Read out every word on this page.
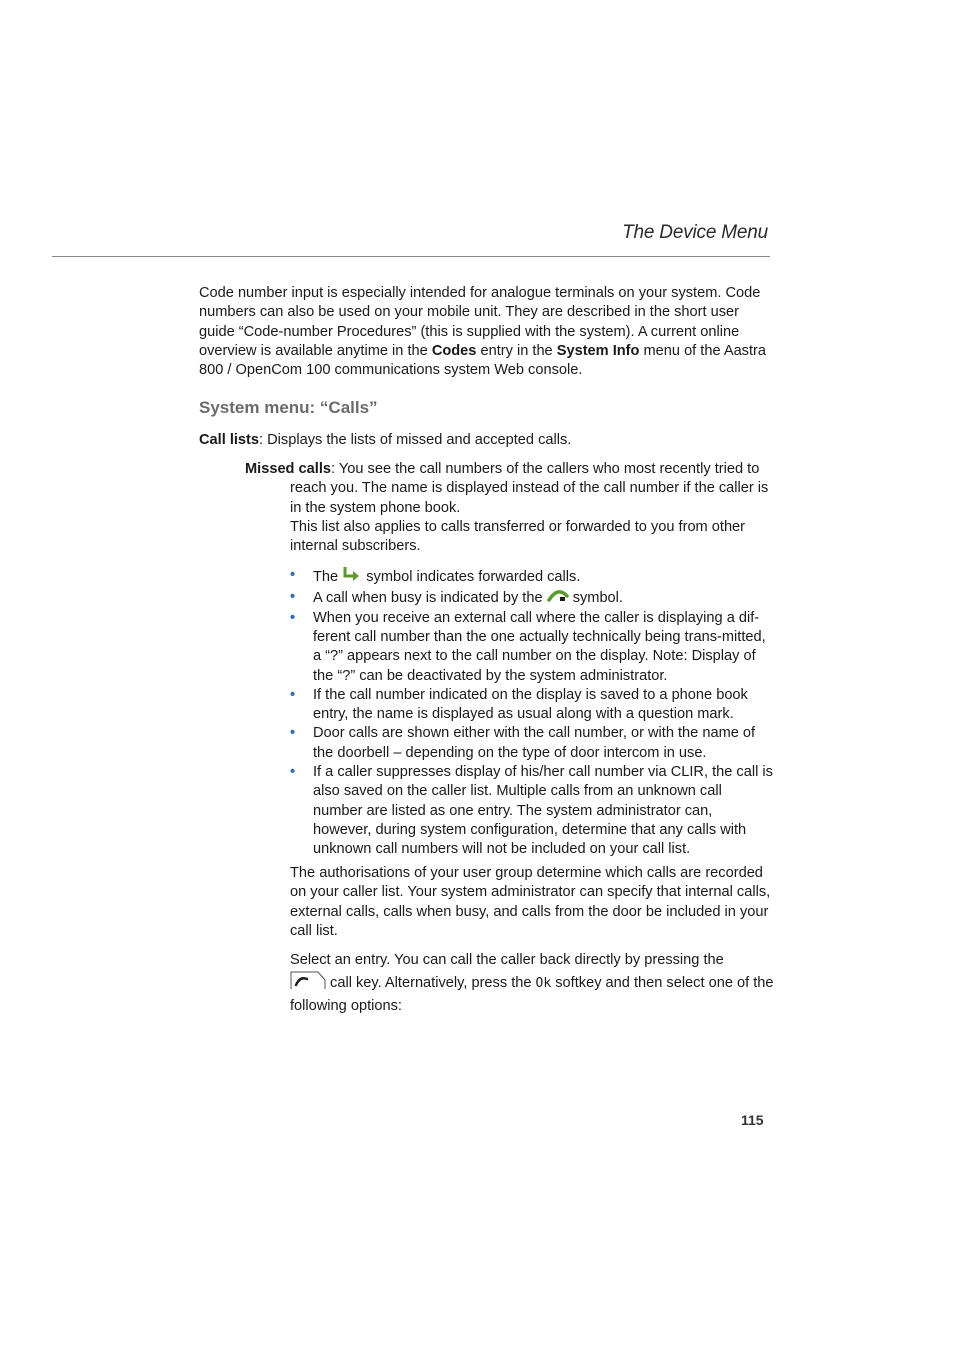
The Device Menu

Code number input is especially intended for analogue terminals on your system. Code numbers can also be used on your mobile unit. They are described in the short user guide “Code-number Procedures” (this is supplied with the system). A current online overview is available anytime in the Codes entry in the System Info menu of the Aastra 800 / OpenCom 100 communications system Web console.

System menu: “Calls”

Call lists: Displays the lists of missed and accepted calls.

Missed calls: You see the call numbers of the callers who most recently tried to
reach you. The name is displayed instead of the call number if the caller is in the system phone book.
This list also applies to calls transferred or forwarded to you from other internal subscribers.
• The  symbol indicates forwarded calls.
• A call when busy is indicated by the  symbol.
• When you receive an external call where the caller is displaying a dif-ferent call number than the one actually technically being trans-mitted, a “?” appears next to the call number on the display. Note: Display of the “?” can be deactivated by the system administrator.
• If the call number indicated on the display is saved to a phone book entry, the name is displayed as usual along with a question mark.
• Door calls are shown either with the call number, or with the name of the doorbell – depending on the type of door intercom in use.
• If a caller suppresses display of his/her call number via CLIR, the call is also saved on the caller list. Multiple calls from an unknown call number are listed as one entry. The system administrator can, however, during system configuration, determine that any calls with unknown call numbers will not be included on your call list.

The authorisations of your user group determine which calls are recorded on your caller list. Your system administrator can specify that internal calls, external calls, calls when busy, and calls from the door be included in your call list.

Select an entry. You can call the caller back directly by pressing the
call key. Alternatively, press the Ok softkey and then select one of the following options:

115
